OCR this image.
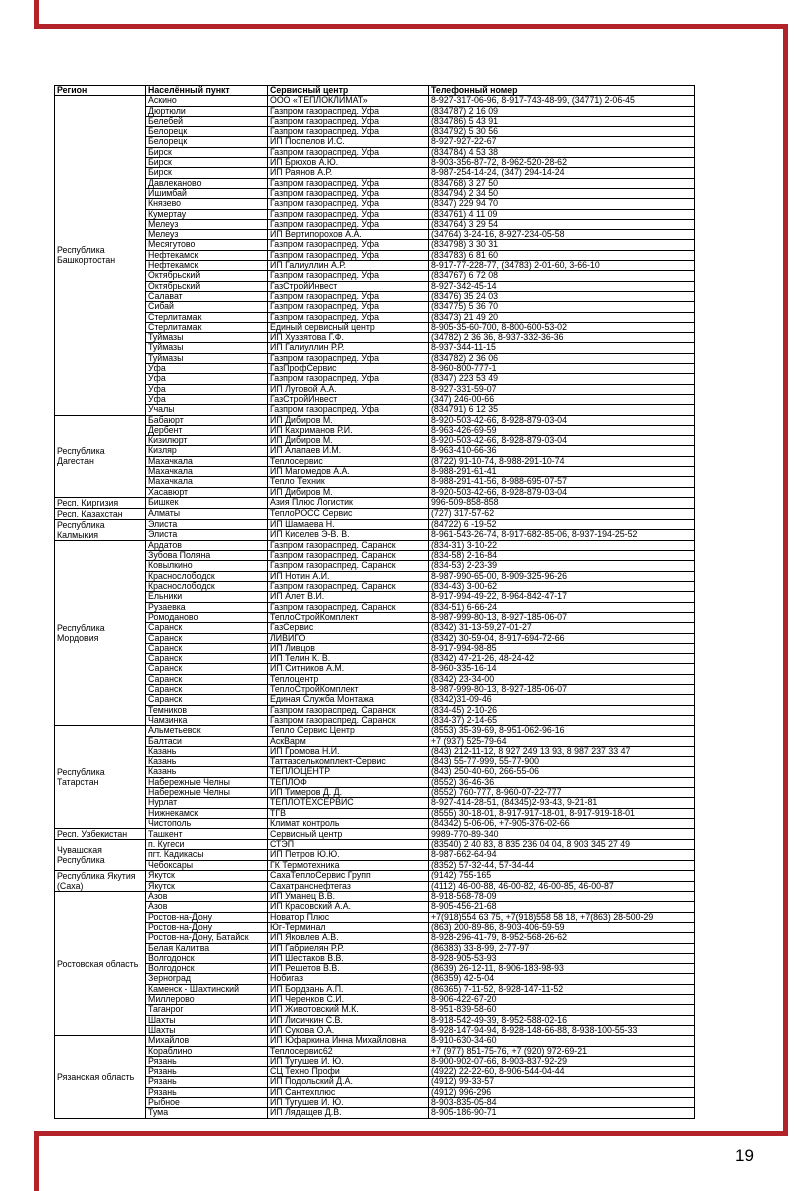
Регион	Населённый пункт	Сервисный центр	Телефонный номер
Республика Башкортостан	Аскино	ООО «ТЕПЛОКЛИМАТ»	8-927-317-06-96, 8-917-743-48-99, (34771) 2-06-45
	Дюртюли	Газпром газораспред. Уфа	(834787) 2 16 09
	Белебей	Газпром газораспред. Уфа	(834786) 5 43 91
	Белорецк	Газпром газораспред. Уфа	(834792) 5 30 56
	Белорецк	ИП Поспелов И.С.	8-927-927-22-67
	Бирск	Газпром газораспред. Уфа	(834784) 4 53 38
	Бирск	ИП Брюхов А.Ю.	8-903-356-87-72, 8-962-520-28-62
	Бирск	ИП Раянов А.Р.	8-987-254-14-24, (347) 294-14-24
	Давлеканово	Газпром газораспред. Уфа	(834768) 3 27 50
	Ишимбай	Газпром газораспред. Уфа	(834794) 2 34 50
	Князево	Газпром газораспред. Уфа	(8347) 229 94 70
	Кумертау	Газпром газораспред. Уфа	(834761) 4 11 09
	Мелеуз	Газпром газораспред. Уфа	(834764) 3 29 54
	Мелеуз	ИП Вертипорохов А.А.	(34764) 3-24-16, 8-927-234-05-58
	Месягутово	Газпром газораспред. Уфа	(834798) 3 30 31
	Нефтекамск	Газпром газораспред. Уфа	(834783) 6 81 60
	Нефтекамск	ИП Галиуллин А.Р.	8-917-77-228-77, (34783) 2-01-60, 3-66-10
	Октябрьский	Газпром газораспред. Уфа	(834767) 6 72 08
	Октябрьский	ГазСтройИнвест	8-927-342-45-14
	Салават	Газпром газораспред. Уфа	(83476) 35 24 03
	Сибай	Газпром газораспред. Уфа	(834775) 5 36 70
	Стерлитамак	Газпром газораспред. Уфа	(83473) 21 49 20
	Стерлитамак	Единый сервисный центр	8-905-35-60-700, 8-800-600-53-02
	Туймазы	ИП Хуззятова Г.Ф.	(34782) 2 36 36, 8-937-332-36-36
	Туймазы	ИП Галиуллин Р.Р.	8-937-344-11-15
	Туймазы	Газпром газораспред. Уфа	(834782) 2 36 06
	Уфа	ГазПрофСервис	8-960-800-777-1
	Уфа	Газпром газораспред. Уфа	(8347) 223 53 49
	Уфа	ИП Луговой А.А.	8-927-331-59-07
	Уфа	ГазСтройИнвест	(347) 246-00-66
	Учалы	Газпром газораспред. Уфа	(834791) 6 12 35
Республика Дагестан	Бабаюрт	ИП Дибиров М.	8-920-503-42-66, 8-928-879-03-04
	Дербент	ИП Кахриманов Р.И.	8-963-426-69-59
	Кизилюрт	ИП Дибиров М.	8-920-503-42-66, 8-928-879-03-04
	Кизляр	ИП Алапаев И.М.	8-963-410-66-36
	Махачкала	Теплосервис	(8722) 91-10-74, 8-988-291-10-74
	Махачкала	ИП Магомедов А.А.	8-988-291-61-41
	Махачкала	Тепло Техник	8-988-291-41-56, 8-988-695-07-57
	Хасавюрт	ИП Дибиров М.	8-920-503-42-66, 8-928-879-03-04
Респ. Киргизия	Бишкек	Азия Плюс Логистик	996-509-858-858
Респ. Казахстан	Алматы	ТеплоРОСС Сервис	(727) 317-57-62
Республика Калмыкия	Элиста	ИП Шамаева Н.	(84722) 6 -19-52
	Элиста	ИП Киселев Э-В. В.	8-961-543-26-74, 8-917-682-85-06, 8-937-194-25-52
Республика Мордовия	Ардатов	Газпром газораспред. Саранск	(834-31) 3-10-22
	Зубова Поляна	Газпром газораспред. Саранск	(834-58) 2-16-84
	Ковылкино	Газпром газораспред. Саранск	(834-53) 2-23-39
	Краснослободск	ИП Нотин А.И.	8-987-990-65-00, 8-909-325-96-26
	Краснослободск	Газпром газораспред. Саранск	(834-43) 3-00-62
	Ельники	ИП Алет В.И.	8-917-994-49-22, 8-964-842-47-17
	Рузаевка	Газпром газораспред. Саранск	(834-51) 6-66-24
	Ромоданово	ТеплоСтройКомплект	8-987-999-80-13, 8-927-185-06-07
	Саранск	ГазСервис	(8342) 31-13-59,27-01-27
	Саранск	ЛИВИГО	(8342) 30-59-04, 8-917-694-72-66
	Саранск	ИП Ливцов	8-917-994-98-85
	Саранск	ИП Телин К. В.	(8342) 47-21-26, 48-24-42
	Саранск	ИП Ситников А.М.	8-960-335-16-14
	Саранск	Теплоцентр	(8342) 23-34-00
	Саранск	ТеплоСтройКомплект	8-987-999-80-13, 8-927-185-06-07
	Саранск	Единая Служба Монтажа	(8342)31-09-46
	Темников	Газпром газораспред. Саранск	(834-45) 2-10-26
	Чамзинка	Газпром газораспред. Саранск	(834-37) 2-14-65
Республика Татарстан	Альметьевск	Тепло Сервис Центр	(8553) 35-39-69, 8-951-062-96-16
	Балтаси	АскВарм	+7 (937) 525-79-64
	Казань	ИП Громова Н.И.	(843) 212-11-12, 8 927 249 13 93, 8 987 237 33 47
	Казань	Таттазселькомплект-Сервис	(843) 55-77-999, 55-77-900
	Казань	ТЕПЛОЦЕНТР	(843) 250-40-60, 266-55-06
	Набережные Челны	ТЕПЛОФ	(8552) 36-46-36
	Набережные Челны	ИП Тимеров Д. Д.	(8552) 760-777, 8-960-07-22-777
	Нурлат	ТЕПЛОТЕХСЕРВИС	8-927-414-28-51, (84345)2-93-43, 9-21-81
	Нижнекамск	ТГВ	(8555) 30-18-01, 8-917-917-18-01, 8-917-919-18-01
	Чистополь	Климат контроль	(84342) 5-06-06, +7-905-376-02-66
Респ. Узбекистан	Ташкент	Сервисный центр	9989-770-89-340
Чувашская Республика	п. Кугеси	СТЭП	(83540) 2 40 83, 8 835 236 04 04, 8 903 345 27 49
	пгт. Кадикасы	ИП Петров Ю.Ю.	8-987-662-64-94
	Чебоксары	ГК Термотехника	(8352) 57-32-44, 57-34-44
Республика Якутия (Саха)	Якутск	СахаТеплоСервис Групп	(9142) 755-165
	Якутск	Сахатранснефтегаз	(4112) 46-00-88, 46-00-82, 46-00-85, 46-00-87
Ростовская область	Азов	ИП Уманец В.В.	8-918-568-78-09
	Азов	ИП Красовский А.А.	8-905-456-21-68
	Ростов-на-Дону	Новатор Плюс	+7(918)554 63 75, +7(918)558 58 18, +7(863) 28-500-29
	Ростов-на-Дону	Юг-Терминал	(863) 200-89-86, 8-903-406-59-59
	Ростов-на-Дону, Батайск	ИП Яковлев А.В.	8-928-296-41-79, 8-952-568-26-62
	Белая Калитва	ИП Габриелян Р.Р.	(86383) 33-8-99, 2-77-97
	Волгодонск	ИП Шестаков В.В.	8-928-905-53-93
	Волгодонск	ИП Решетов В.В.	(8639) 26-12-11, 8-906-183-98-93
	Зерноград	Нобигаз	(86359) 42-5-04
	Каменск - Шахтинский	ИП Бордзань А.П.	(86365) 7-11-52, 8-928-147-11-52
	Миллерово	ИП Черенков С.И.	8-906-422-67-20
	Таганрог	ИП Животовский М.К.	8-951-839-58-60
	Шахты	ИП Лисичкин С.В.	8-918-542-49-39, 8-952-588-02-16
	Шахты	ИП Сукова О.А.	8-928-147-94-94, 8-928-148-66-88, 8-938-100-55-33
Рязанская область	Михайлов	ИП Юфаркина Инна Михайловна	8-910-630-34-60
	Кораблино	Теплосервис62	+7 (977) 851-75-76, +7 (920) 972-69-21
	Рязань	ИП Тугушев И. Ю.	8-900-902-07-66, 8-903-837-92-29
	Рязань	СЦ Техно Профи	(4922) 22-22-60, 8-906-544-04-44
	Рязань	ИП Подольский Д.А.	(4912) 99-33-57
	Рязань	ИП Сантехплюс	(4912) 996-296
	Рыбное	ИП Тугушев И. Ю.	8-903-835-05-84
	Тума	ИП Лядащев Д.В.	8-905-186-90-71
19
